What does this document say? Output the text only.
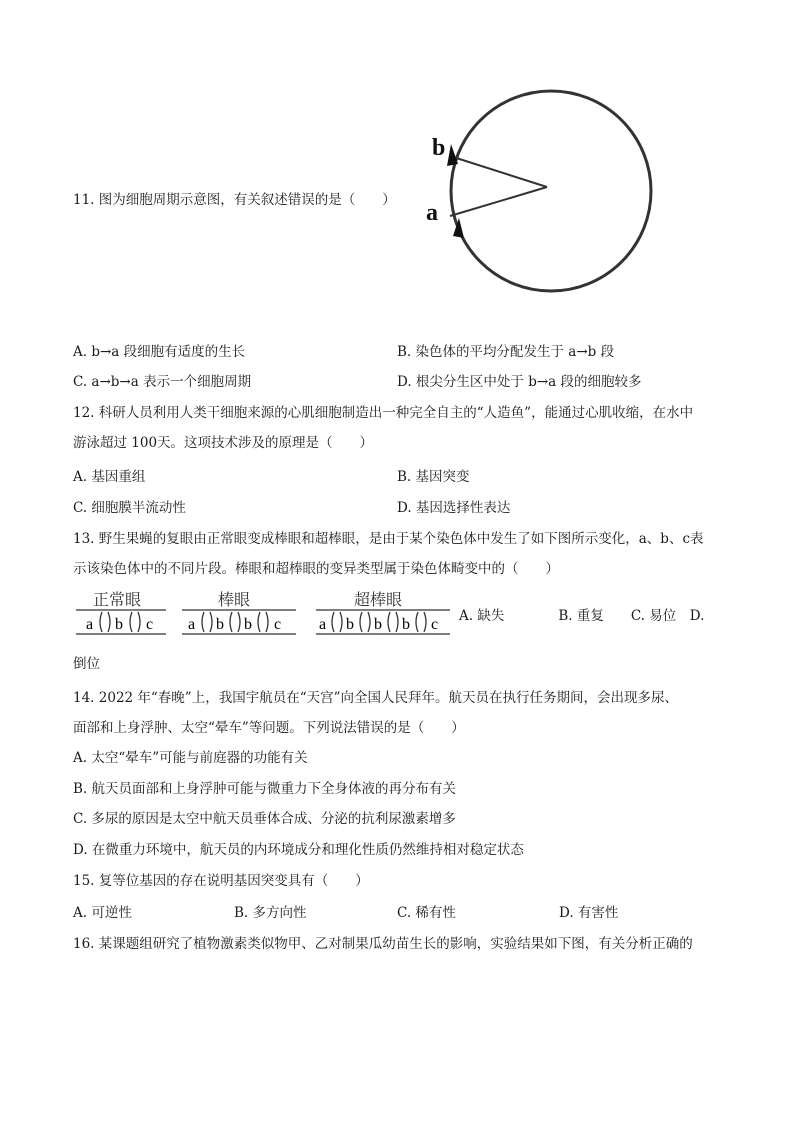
11. 图为细胞周期示意图，有关叙述错误的是（　　）
b
a
A. b→a 段细胞有适度的生长	B. 染色体的平均分配发生于 a→b 段
C. a→b→a 表示一个细胞周期	D. 根尖分生区中处于 b→a 段的细胞较多
12. 科研人员利用人类干细胞来源的心肌细胞制造出一种完全自主的“人造鱼”，能通过心肌收缩，在水中
游泳超过 100天。这项技术涉及的原理是（　　）
A. 基因重组	B. 基因突变
C. 细胞膜半流动性	D. 基因选择性表达
13. 野生果蝇的复眼由正常眼变成棒眼和超棒眼，是由于某个染色体中发生了如下图所示变化，a、b、c表
示该染色体中的不同片段。棒眼和超棒眼的变异类型属于染色体畸变中的（　　）
正常眼	棒眼	超棒眼
a b c a b b c a b b b c A. 缺失　　　　B. 重复　　C. 易位　D.
倒位
14. 2022 年“春晚”上，我国宇航员在“天宫”向全国人民拜年。航天员在执行任务期间，会出现多尿、
面部和上身浮肿、太空“晕车”等问题。下列说法错误的是（　　）
A. 太空“晕车”可能与前庭器的功能有关
B. 航天员面部和上身浮肿可能与微重力下全身体液的再分布有关
C. 多尿的原因是太空中航天员垂体合成、分泌的抗利尿激素增多
D. 在微重力环境中，航天员的内环境成分和理化性质仍然维持相对稳定状态
15. 复等位基因的存在说明基因突变具有（　　）
A. 可逆性	B. 多方向性	C. 稀有性	D. 有害性
16. 某课题组研究了植物激素类似物甲、乙对制果瓜幼苗生长的影响，实验结果如下图，有关分析正确的
